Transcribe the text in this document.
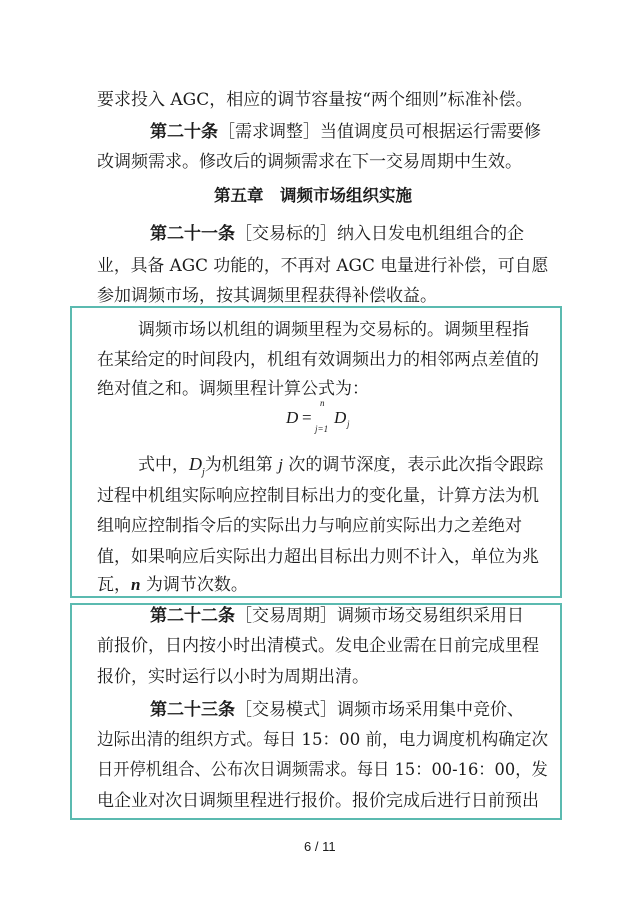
要求投入 AGC，相应的调节容量按“两个细则”标准补偿。
第二十条［需求调整］当值调度员可根据运行需要修
改调频需求。修改后的调频需求在下一交易周期中生效。
第五章　调频市场组织实施
第二十一条［交易标的］纳入日发电机组组合的企
业，具备 AGC 功能的，不再对 AGC 电量进行补偿，可自愿
参加调频市场，按其调频里程获得补偿收益。
调频市场以机组的调频里程为交易标的。调频里程指
在某给定的时间段内，机组有效调频出力的相邻两点差值的
绝对值之和。调频里程计算公式为：
D =
n
j=1
D j
式中，$D_j$为机组第 j 次的调节深度，表示此次指令跟踪
过程中机组实际响应控制目标出力的变化量，计算方法为机
组响应控制指令后的实际出力与响应前实际出力之差绝对
值，如果响应后实际出力超出目标出力则不计入，单位为兆
瓦，n 为调节次数。
第二十二条［交易周期］调频市场交易组织采用日
前报价，日内按小时出清模式。发电企业需在日前完成里程
报价，实时运行以小时为周期出清。
第二十三条［交易模式］调频市场采用集中竞价、
边际出清的组织方式。每日 15：00 前，电力调度机构确定次
日开停机组合、公布次日调频需求。每日 15：00-16：00，发
电企业对次日调频里程进行报价。报价完成后进行日前预出
6 / 11
